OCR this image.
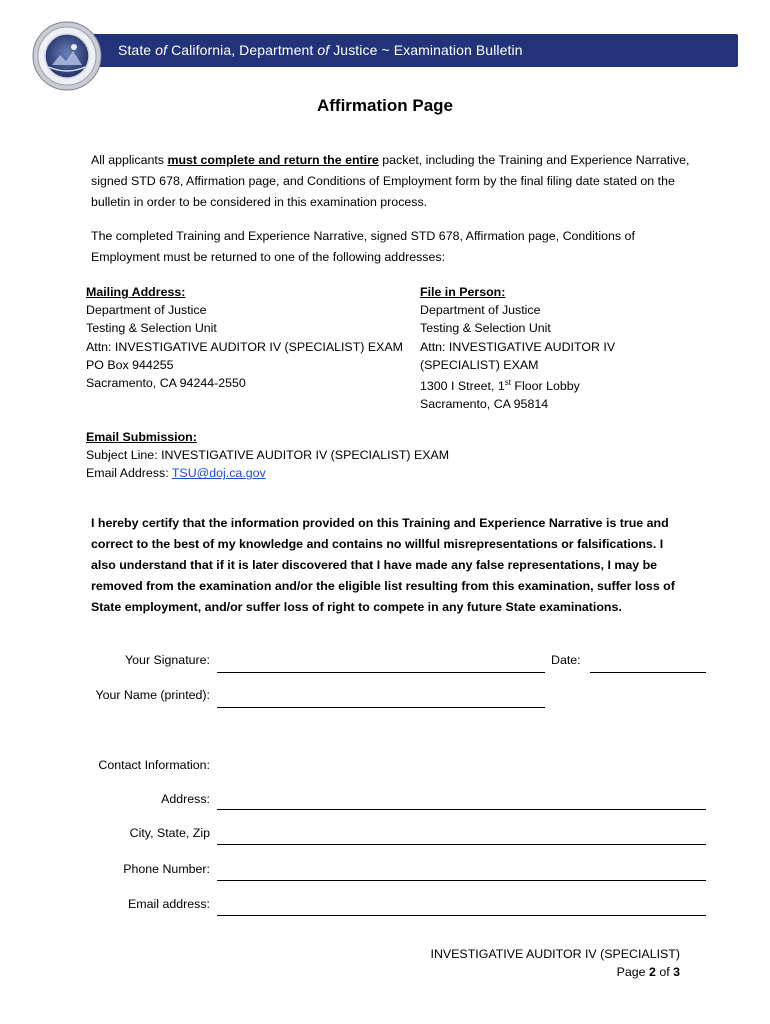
State of California, Department of Justice ~ Examination Bulletin
Affirmation Page
All applicants must complete and return the entire packet, including the Training and Experience Narrative, signed STD 678, Affirmation page, and Conditions of Employment form by the final filing date stated on the bulletin in order to be considered in this examination process.
The completed Training and Experience Narrative, signed STD 678, Affirmation page, Conditions of Employment must be returned to one of the following addresses:
Mailing Address:
Department of Justice
Testing & Selection Unit
Attn: INVESTIGATIVE AUDITOR IV (SPECIALIST) EXAM
PO Box 944255
Sacramento, CA 94244-2550
File in Person:
Department of Justice
Testing & Selection Unit
Attn: INVESTIGATIVE AUDITOR IV
(SPECIALIST) EXAM
1300 I Street, 1st Floor Lobby
Sacramento, CA 95814
Email Submission:
Subject Line: INVESTIGATIVE AUDITOR IV (SPECIALIST) EXAM
Email Address: TSU@doj.ca.gov
I hereby certify that the information provided on this Training and Experience Narrative is true and correct to the best of my knowledge and contains no willful misrepresentations or falsifications. I also understand that if it is later discovered that I have made any false representations, I may be removed from the examination and/or the eligible list resulting from this examination, suffer loss of State employment, and/or suffer loss of right to compete in any future State examinations.
Your Signature:	Date:
Your Name (printed):
Contact Information:
Address:
City, State, Zip
Phone Number:
Email address:
INVESTIGATIVE AUDITOR IV (SPECIALIST)
Page 2 of 3
